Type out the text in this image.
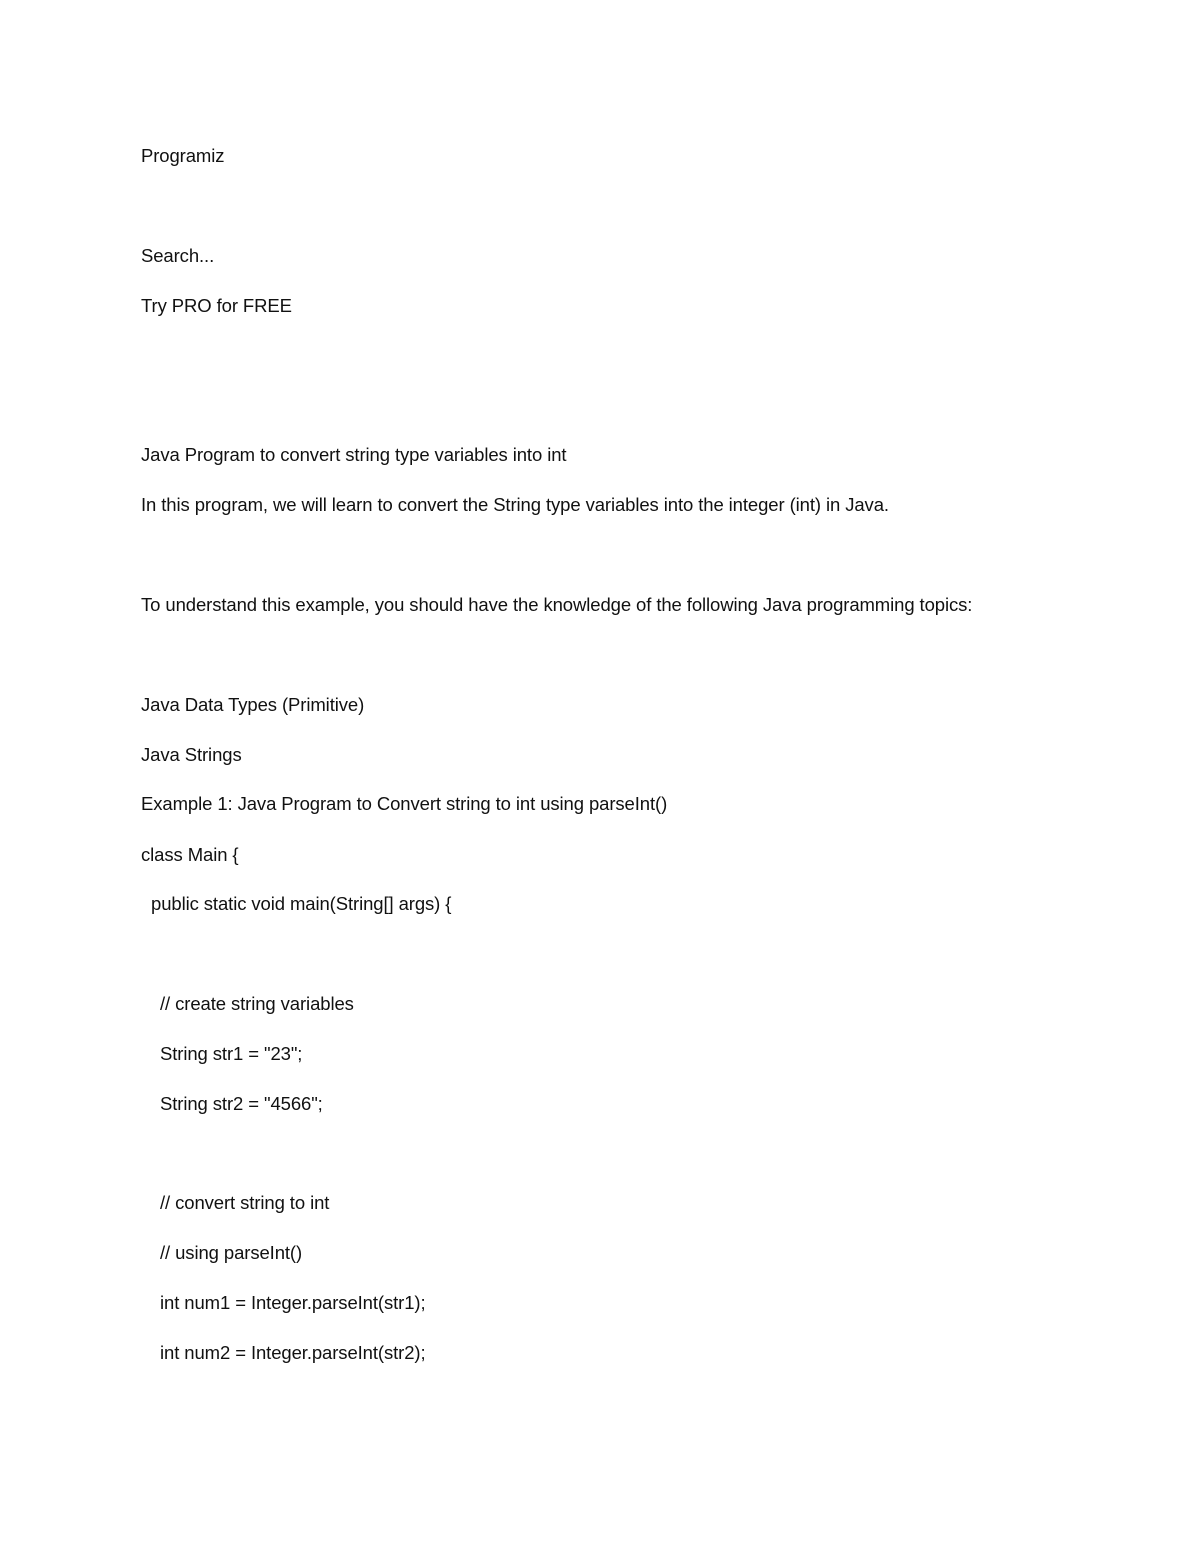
Programiz
Search...
Try PRO for FREE
Java Program to convert string type variables into int
In this program, we will learn to convert the String type variables into the integer (int) in Java.
To understand this example, you should have the knowledge of the following Java programming topics:
Java Data Types (Primitive)
Java Strings
Example 1: Java Program to Convert string to int using parseInt()
class Main {
public static void main(String[] args) {
// create string variables
String str1 = "23";
String str2 = "4566";
// convert string to int
// using parseInt()
int num1 = Integer.parseInt(str1);
int num2 = Integer.parseInt(str2);
